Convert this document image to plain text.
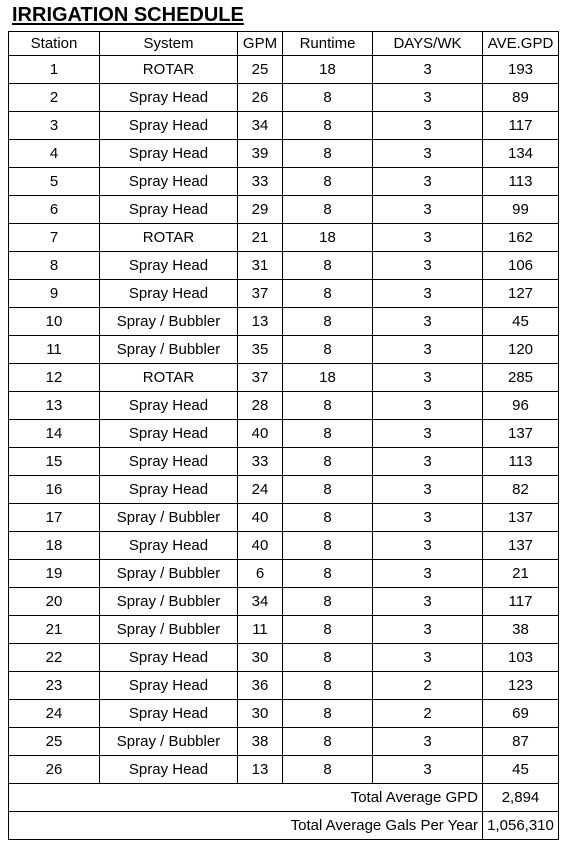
IRRIGATION SCHEDULE
Station	System	GPM	Runtime	DAYS/WK	AVE.GPD
1	ROTAR	25	18	3	193
2	Spray Head	26	8	3	89
3	Spray Head	34	8	3	117
4	Spray Head	39	8	3	134
5	Spray Head	33	8	3	113
6	Spray Head	29	8	3	99
7	ROTAR	21	18	3	162
8	Spray Head	31	8	3	106
9	Spray Head	37	8	3	127
10	Spray / Bubbler	13	8	3	45
11	Spray / Bubbler	35	8	3	120
12	ROTAR	37	18	3	285
13	Spray Head	28	8	3	96
14	Spray Head	40	8	3	137
15	Spray Head	33	8	3	113
16	Spray Head	24	8	3	82
17	Spray / Bubbler	40	8	3	137
18	Spray Head	40	8	3	137
19	Spray / Bubbler	6	8	3	21
20	Spray / Bubbler	34	8	3	117
21	Spray / Bubbler	11	8	3	38
22	Spray Head	30	8	3	103
23	Spray Head	36	8	2	123
24	Spray Head	30	8	2	69
25	Spray / Bubbler	38	8	3	87
26	Spray Head	13	8	3	45
Total Average GPD					2,894
Total Average Gals Per Year					1,056,310
